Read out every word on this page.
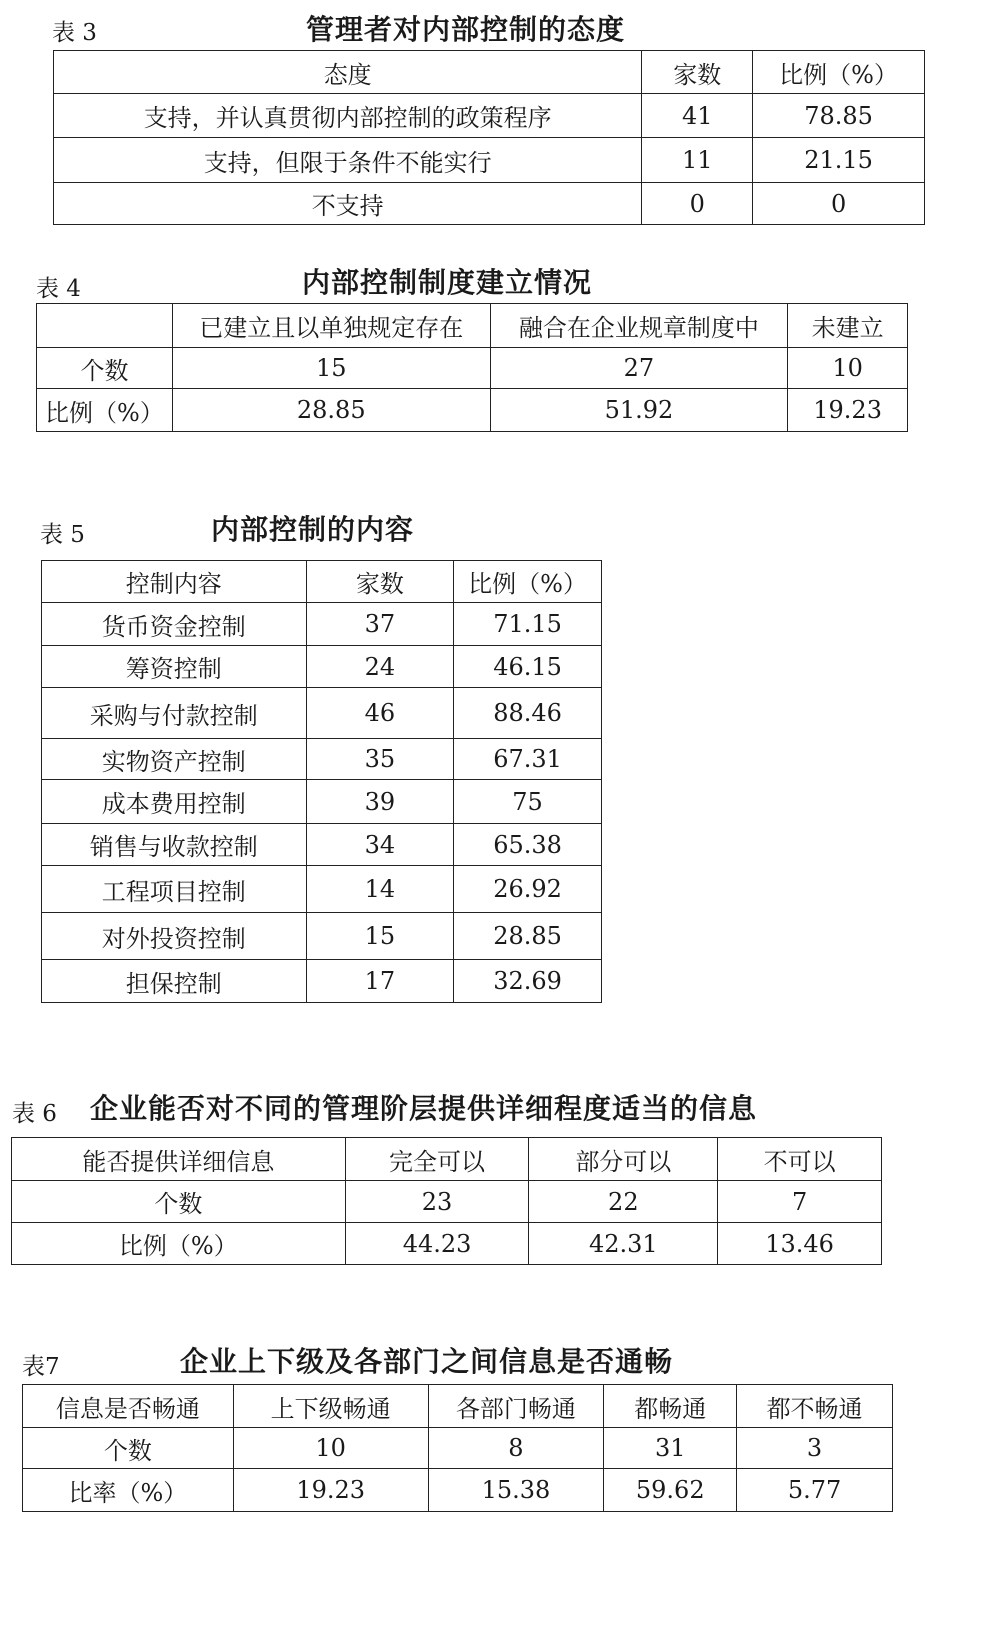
表 3	管理者对内部控制的态度
态度	家数	比例（%）
支持，并认真贯彻内部控制的政策程序	41	78.85
支持，但限于条件不能实行	11	21.15
不支持	0	0
表 4	内部控制制度建立情况
	已建立且以单独规定存在	融合在企业规章制度中	未建立
个数	15	27	10
比例（%）	28.85	51.92	19.23
表 5	内部控制的内容
控制内容	家数	比例（%）
货币资金控制	37	71.15
筹资控制	24	46.15
采购与付款控制	46	88.46
实物资产控制	35	67.31
成本费用控制	39	75
销售与收款控制	34	65.38
工程项目控制	14	26.92
对外投资控制	15	28.85
担保控制	17	32.69
表 6 企业能否对不同的管理阶层提供详细程度适当的信息
能否提供详细信息	完全可以	部分可以	不可以
个数	23	22	7
比例（%）	44.23	42.31	13.46
表7	企业上下级及各部门之间信息是否通畅
信息是否畅通	上下级畅通	各部门畅通	都畅通	都不畅通
个数	10	8	31	3
比率（%）	19.23	15.38	59.62	5.77
